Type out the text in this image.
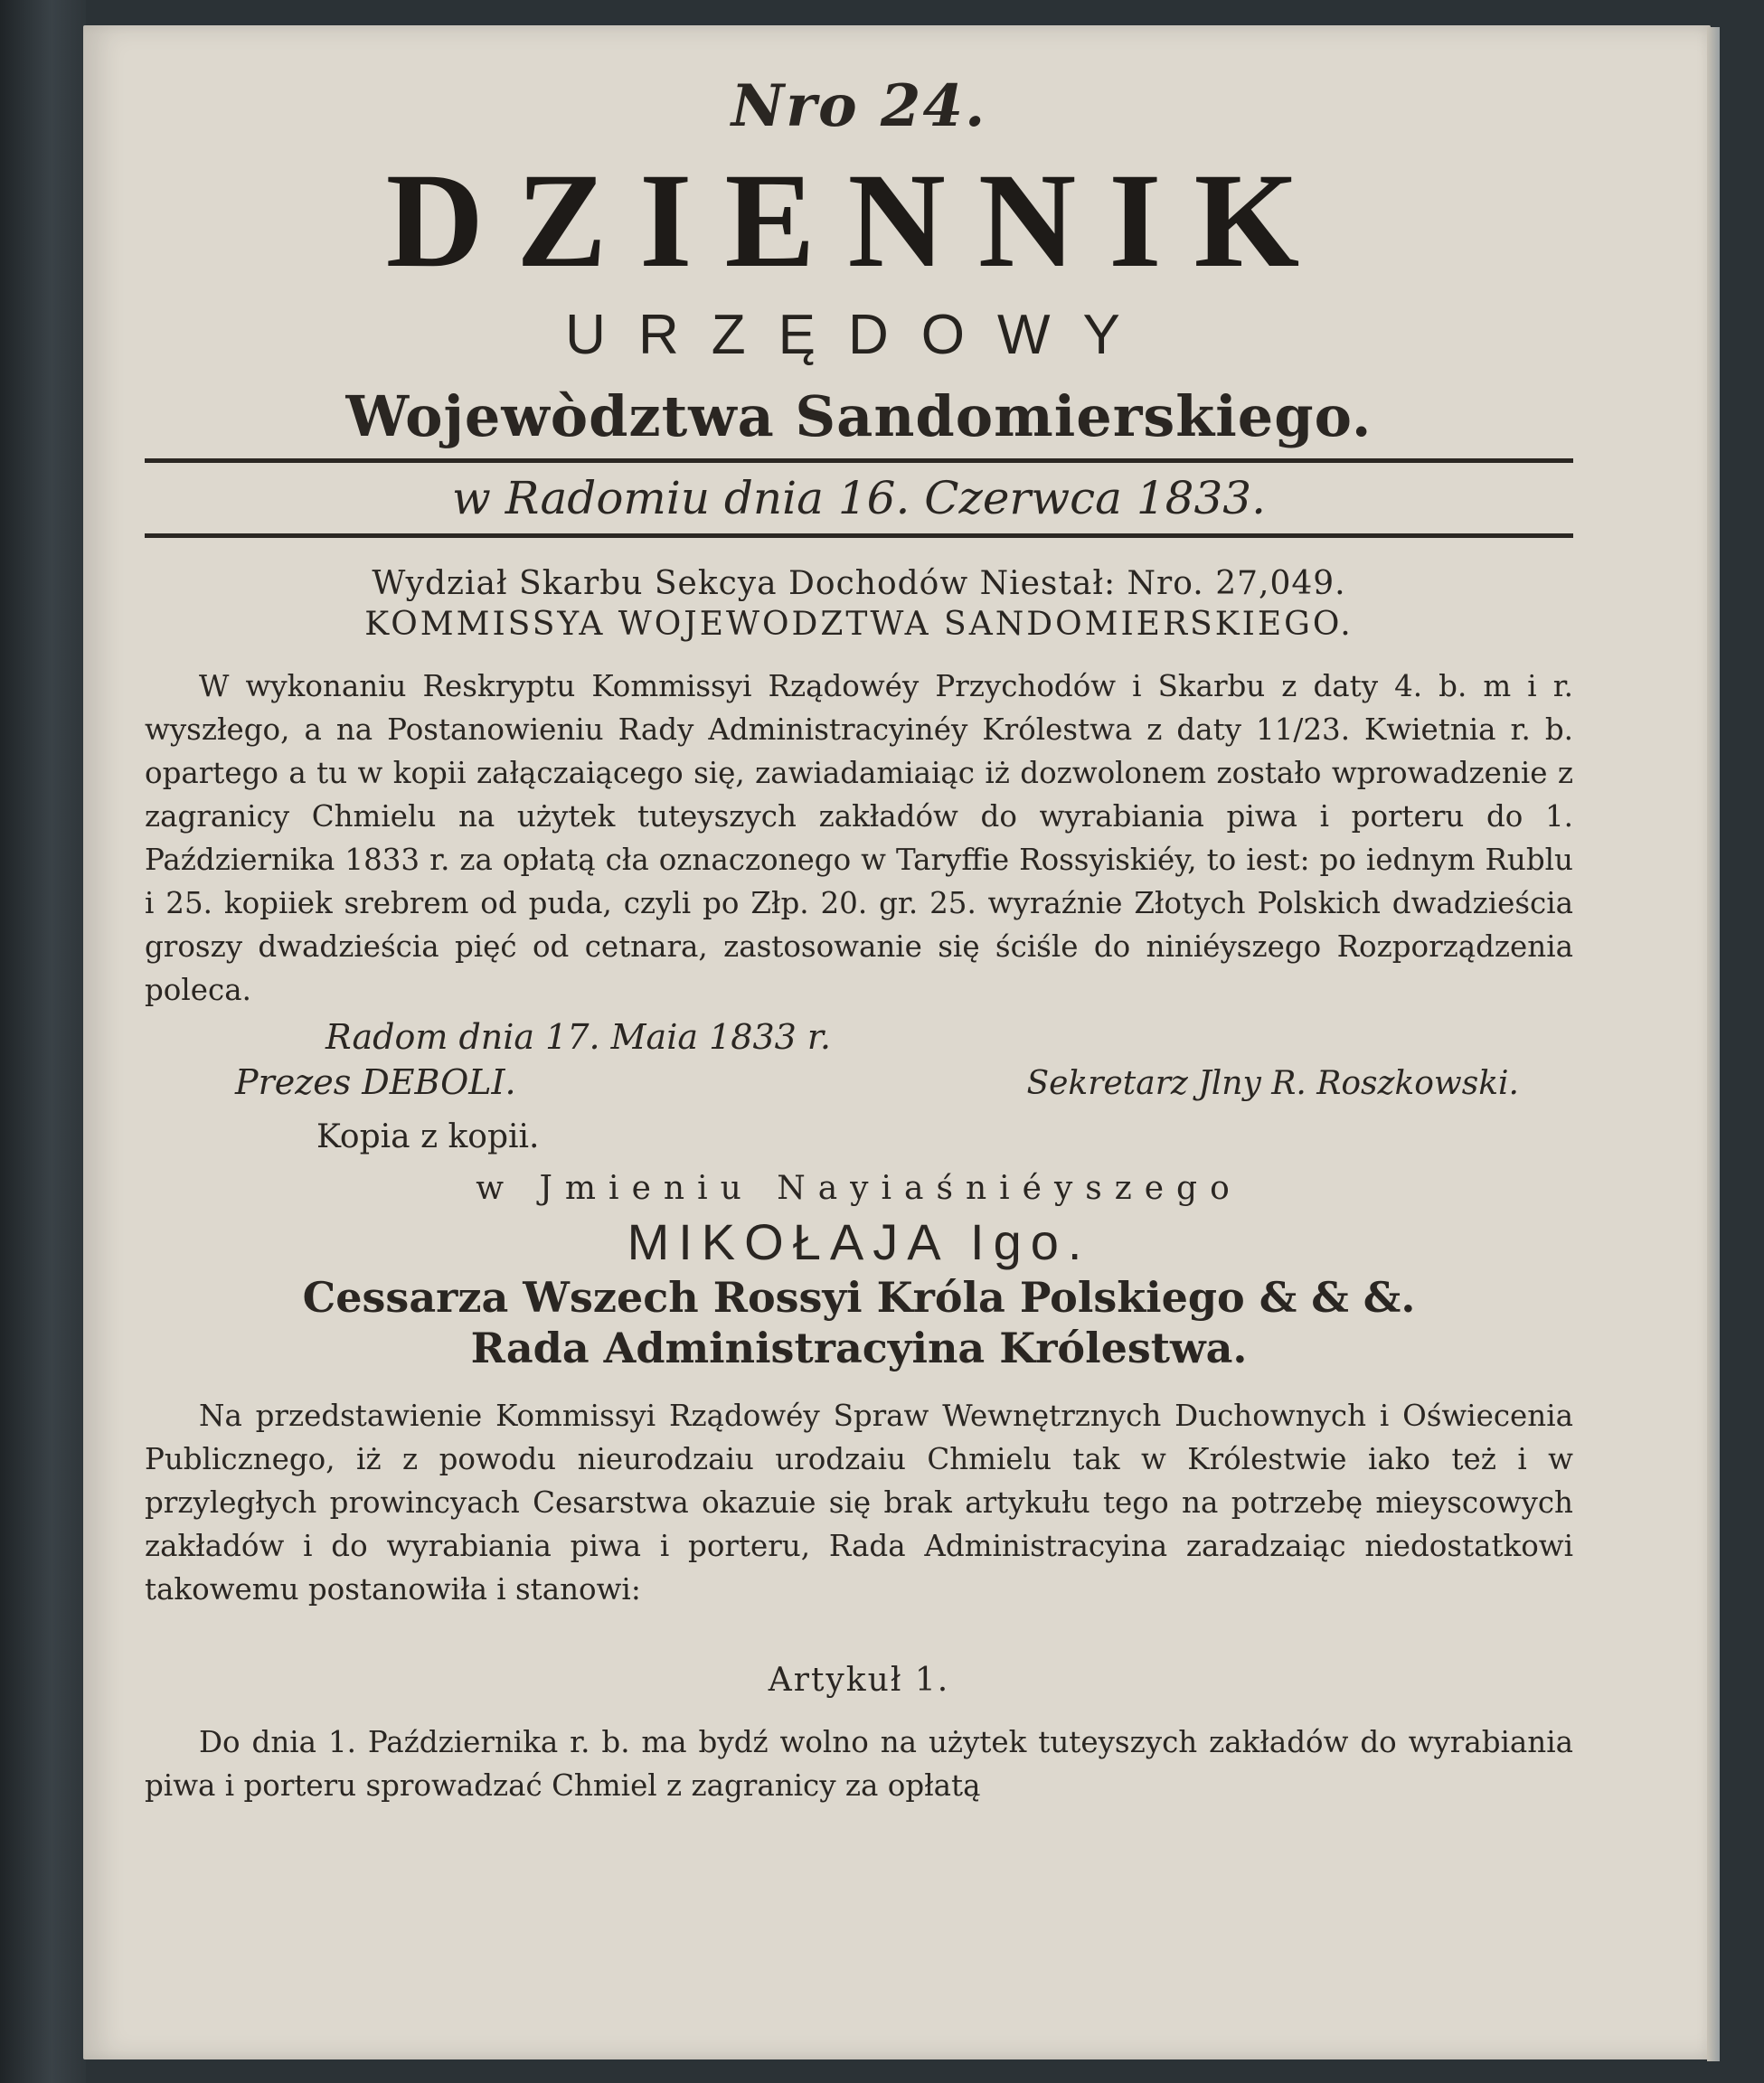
Nro 24.
DZIENNIK
URZĘDOWY
Wojewòdztwa Sandomierskiego.
w Radomiu dnia 16. Czerwca 1833.
Wydział Skarbu Sekcya Dochodów Niestał: Nro. 27,049.
KOMMISSYA WOJEWODZTWA SANDOMIERSKIEGO.

W wykonaniu Reskryptu Kommissyi Rządowéy Przychodów i Skarbu z daty 4. b. m i r. wyszłego, a na Postanowieniu Rady Administracyinéy Królestwa z daty 11/23. Kwietnia r. b. opartego a tu w kopii załączaiącego się, zawiadamiaiąc iż dozwolonem zostało wprowadzenie z zagranicy Chmielu na użytek tuteyszych zakładów do wyrabiania piwa i porteru do 1. Października 1833 r. za opłatą cła oznaczonego w Taryffie Rossyiskiéy, to iest: po iednym Rublu i 25. kopiiek srebrem od puda, czyli po Złp. 20. gr. 25. wyraźnie Złotych Polskich dwadzieścia groszy dwadzieścia pięć od cetnara, zastosowanie się ściśle do niniéyszego Rozporządzenia poleca.

Radom dnia 17. Maia 1833 r.
Prezes DEBOLI.	Sekretarz Jlny R. Roszkowski.
Kopia z kopii.
w Jmieniu Nayiaśniéyszego
MIKOŁAJA Igo.
Cessarza Wszech Rossyi Króla Polskiego & & &.
Rada Administracyina Królestwa.

Na przedstawienie Kommissyi Rządowéy Spraw Wewnętrznych Duchownych i Oświecenia Publicznego, iż z powodu nieurodzaiu urodzaiu Chmielu tak w Królestwie iako też i w przyległych prowincyach Cesarstwa okazuie się brak artykułu tego na potrzebę mieyscowych zakładów i do wyrabiania piwa i porteru, Rada Administracyina zaradzaiąc niedostatkowi takowemu postanowiła i stanowi:

Artykuł 1.

Do dnia 1. Października r. b. ma bydź wolno na użytek tuteyszych zakładów do wyrabiania piwa i porteru sprowadzać Chmiel z zagranicy za opłatą
